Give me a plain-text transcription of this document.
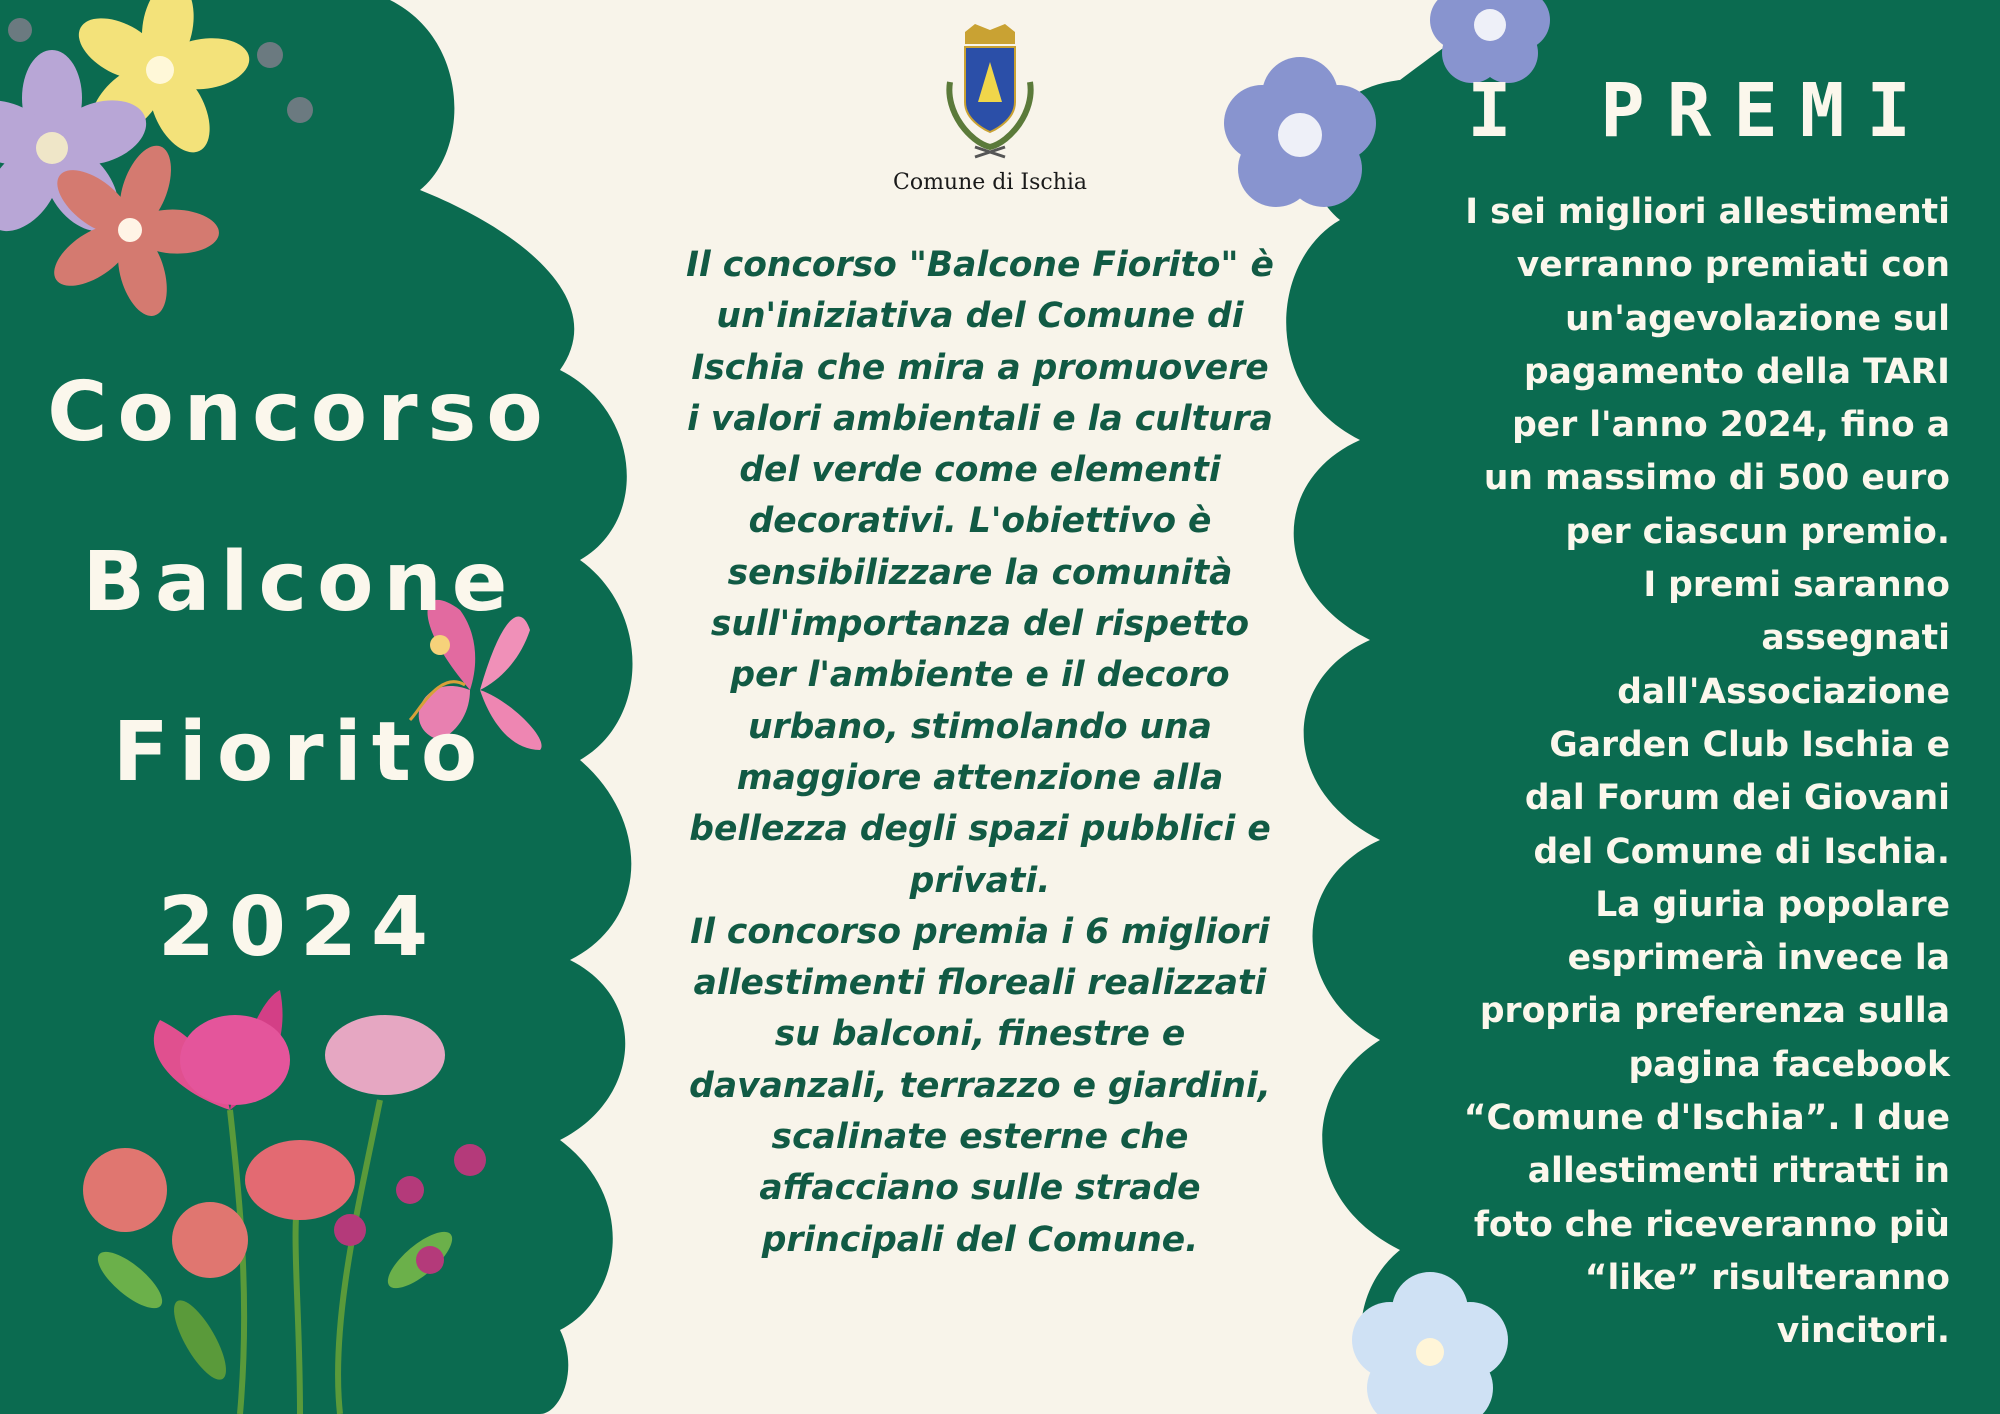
Comune di Ischia
Concorso
Balcone
Fiorito
2024

Il concorso "Balcone Fiorito" è un'iniziativa del Comune di Ischia che mira a promuovere i valori ambientali e la cultura del verde come elementi decorativi. L'obiettivo è sensibilizzare la comunità sull'importanza del rispetto per l'ambiente e il decoro urbano, stimolando una maggiore attenzione alla bellezza degli spazi pubblici e privati.

Il concorso premia i 6 migliori allestimenti floreali realizzati su balconi, finestre e davanzali, terrazzo e giardini, scalinate esterne che affacciano sulle strade principali del Comune.

I PREMI
I sei migliori allestimenti
verranno premiati con
un'agevolazione sul
pagamento della TARI
per l'anno 2024, fino a
un massimo di 500 euro
per ciascun premio.
I premi saranno
assegnati
dall'Associazione
Garden Club Ischia e
dal Forum dei Giovani
del Comune di Ischia.
La giuria popolare
esprimerà invece la
propria preferenza sulla
pagina facebook
“Comune d'Ischia”. I due
allestimenti ritratti in
foto che riceveranno più
“like” risulteranno
vincitori.
